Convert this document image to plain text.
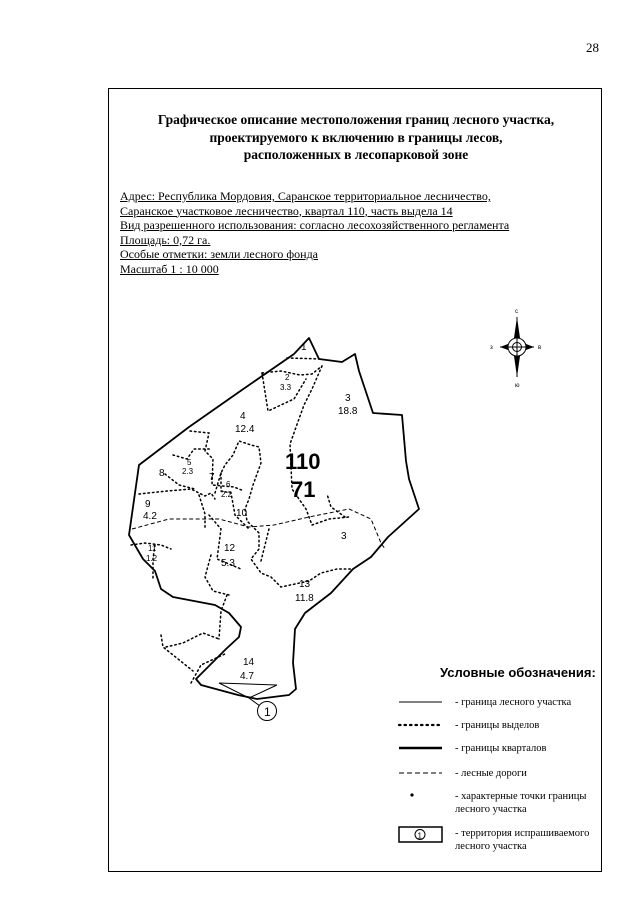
28
Графическое описание местоположения границ лесного участка,
проектируемого к включению в границы лесов,
расположенных в лесопарковой зоне
Адрес: Республика Мордовия, Саранское территориальное лесничество,
Саранское участковое лесничество, квартал 110, часть выдела 14
Вид разрешенного использования: согласно лесохозяйственного регламента
Площадь: 0,72 га.
Особые отметки: земли лесного фонда
Масштаб 1 : 10 000
с
ю
з	в
1
1
2
3.3
3
18.8
4
12.4
5
2.3
6
2.2
7
8
9
4.2	10
11
1.2
12
5.3
13
11.8
14
4.7
3
110
71
1
Условные обозначения:
- граница лесного участка
- границы выделов
- границы кварталов
- лесные дороги
- характерные точки границы
лесного участка
- территория испрашиваемого
лесного участка
